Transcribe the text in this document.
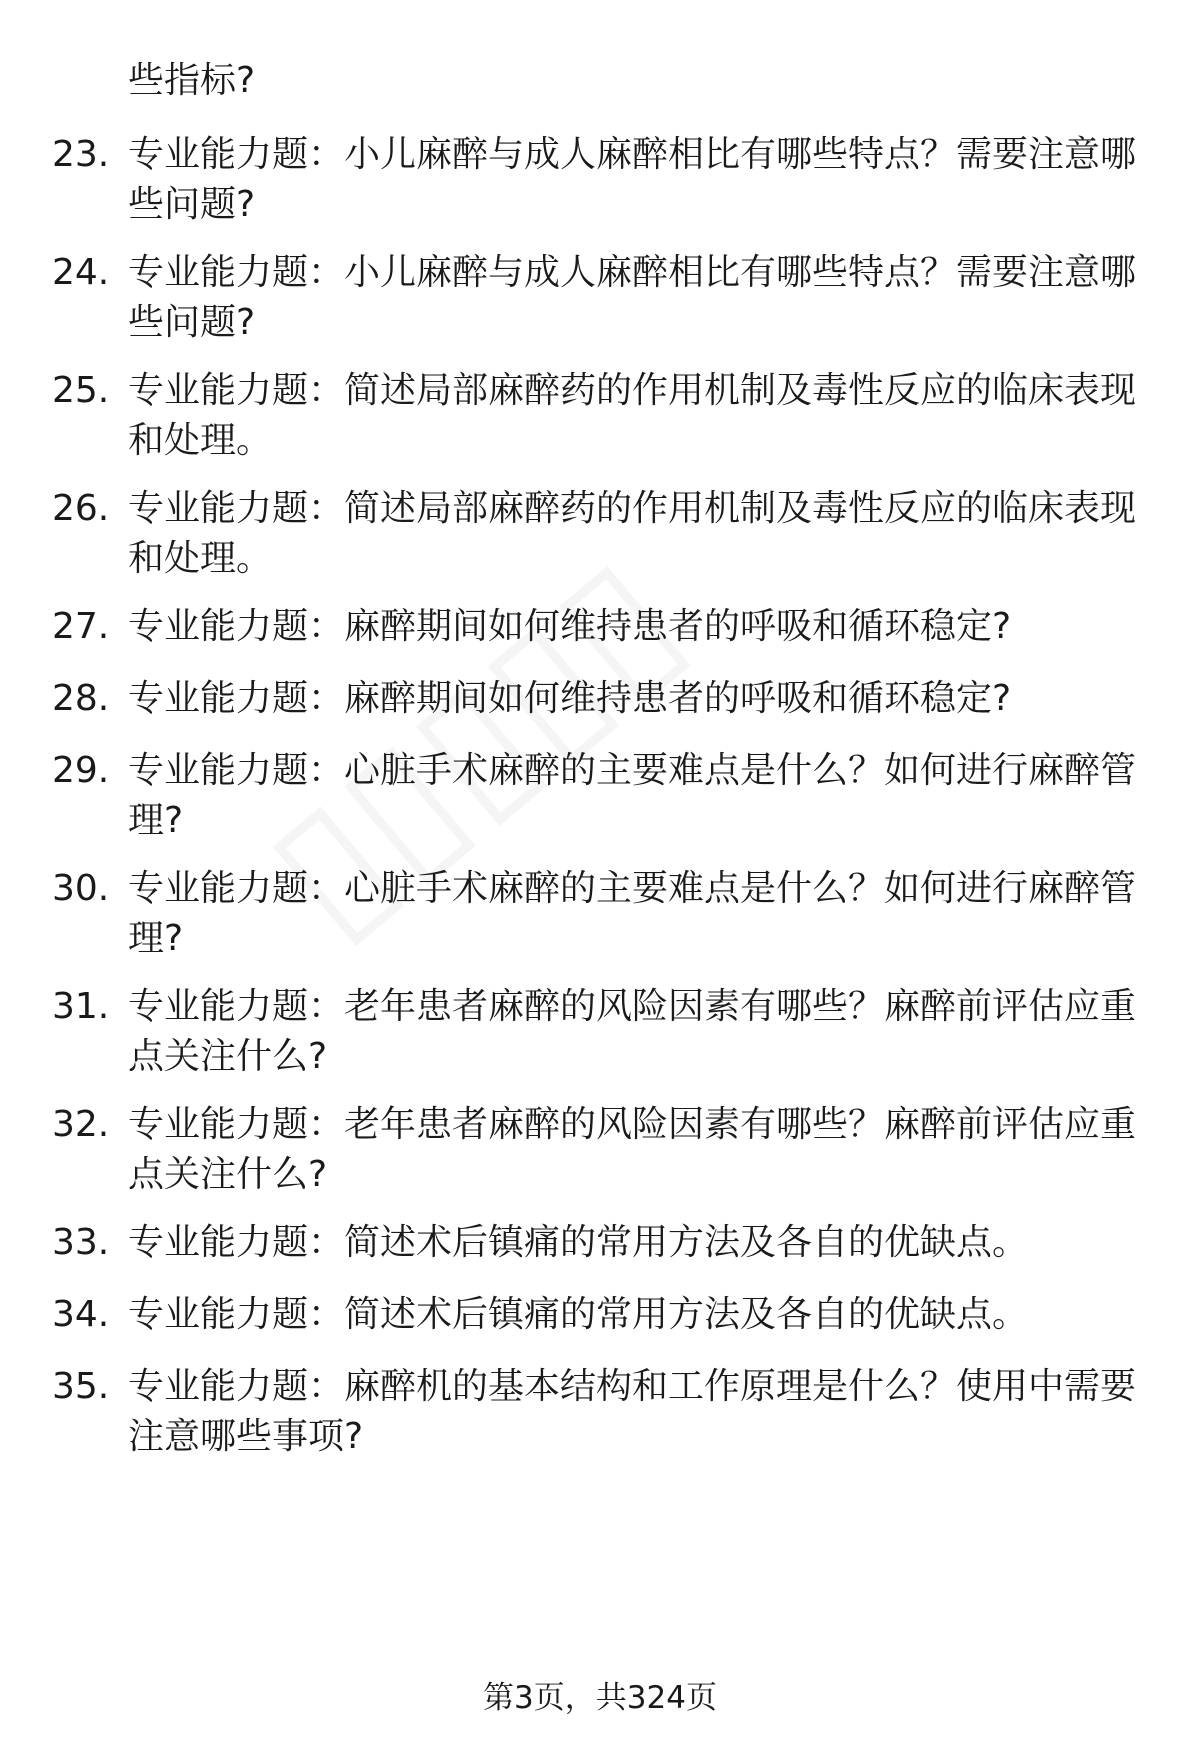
些指标?

23. 专业能力题：小儿麻醉与成人麻醉相比有哪些特点？需要注意哪些问题?
24. 专业能力题：小儿麻醉与成人麻醉相比有哪些特点？需要注意哪些问题?
25. 专业能力题：简述局部麻醉药的作用机制及毒性反应的临床表现和处理。
26. 专业能力题：简述局部麻醉药的作用机制及毒性反应的临床表现和处理。
27. 专业能力题：麻醉期间如何维持患者的呼吸和循环稳定?
28. 专业能力题：麻醉期间如何维持患者的呼吸和循环稳定?
29. 专业能力题：心脏手术麻醉的主要难点是什么？如何进行麻醉管理?
30. 专业能力题：心脏手术麻醉的主要难点是什么？如何进行麻醉管理?
31. 专业能力题：老年患者麻醉的风险因素有哪些？麻醉前评估应重点关注什么?
32. 专业能力题：老年患者麻醉的风险因素有哪些？麻醉前评估应重点关注什么?
33. 专业能力题：简述术后镇痛的常用方法及各自的优缺点。
34. 专业能力题：简述术后镇痛的常用方法及各自的优缺点。
35. 专业能力题：麻醉机的基本结构和工作原理是什么？使用中需要注意哪些事项?
第3页，共324页
